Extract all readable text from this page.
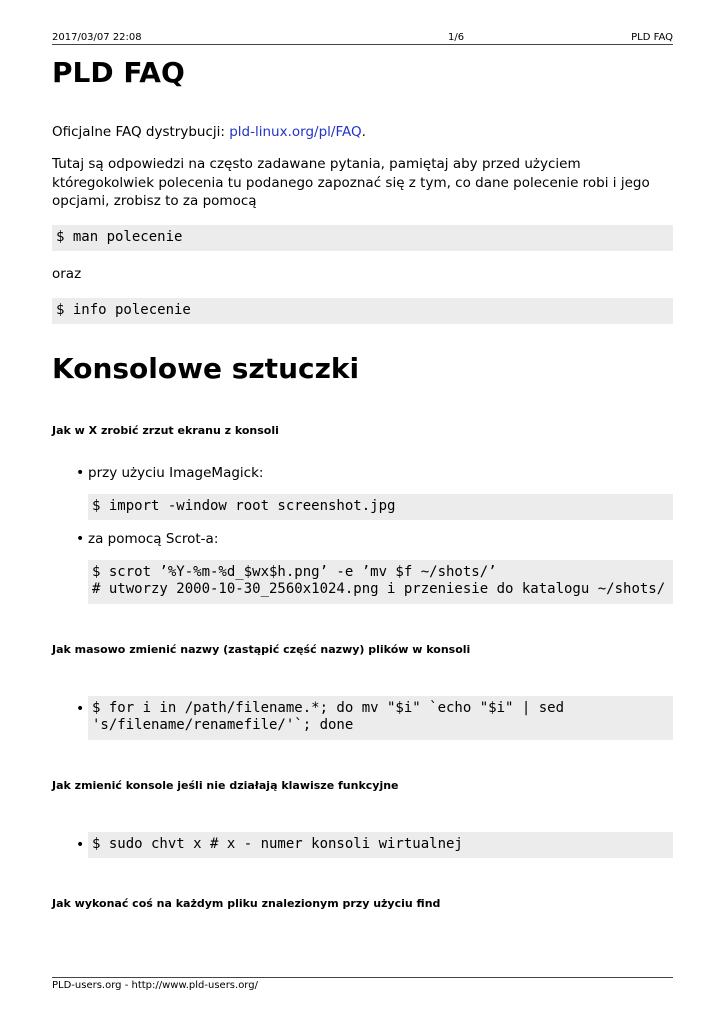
2017/03/07 22:08	1/6	PLD FAQ
PLD FAQ

Oficjalne FAQ dystrybucji: pld-linux.org/pl/FAQ.

Tutaj są odpowiedzi na często zadawane pytania, pamiętaj aby przed użyciem któregokolwiek polecenia tu podanego zapoznać się z tym, co dane polecenie robi i jego opcjami, zrobisz to za pomocą

$ man polecenie

oraz

$ info polecenie
Konsolowe sztuczki
Jak w X zrobić zrzut ekranu z konsoli
• przy użyciu ImageMagick:
$ import -window root screenshot.jpg
• za pomocą Scrot-a:
$ scrot ’%Y-%m-%d_$wx$h.png’ -e ’mv $f ~/shots/’
# utworzy 2000-10-30_2560x1024.png i przeniesie do katalogu ~/shots/
Jak masowo zmienić nazwy (zastąpić część nazwy) plików w konsoli
• $ for i in /path/filename.*; do mv "$i" `echo "$i" | sed
's/filename/renamefile/'`; done
Jak zmienić konsole jeśli nie działają klawisze funkcyjne
• $ sudo chvt x # x - numer konsoli wirtualnej
Jak wykonać coś na każdym pliku znalezionym przy użyciu find
PLD-users.org - http://www.pld-users.org/
